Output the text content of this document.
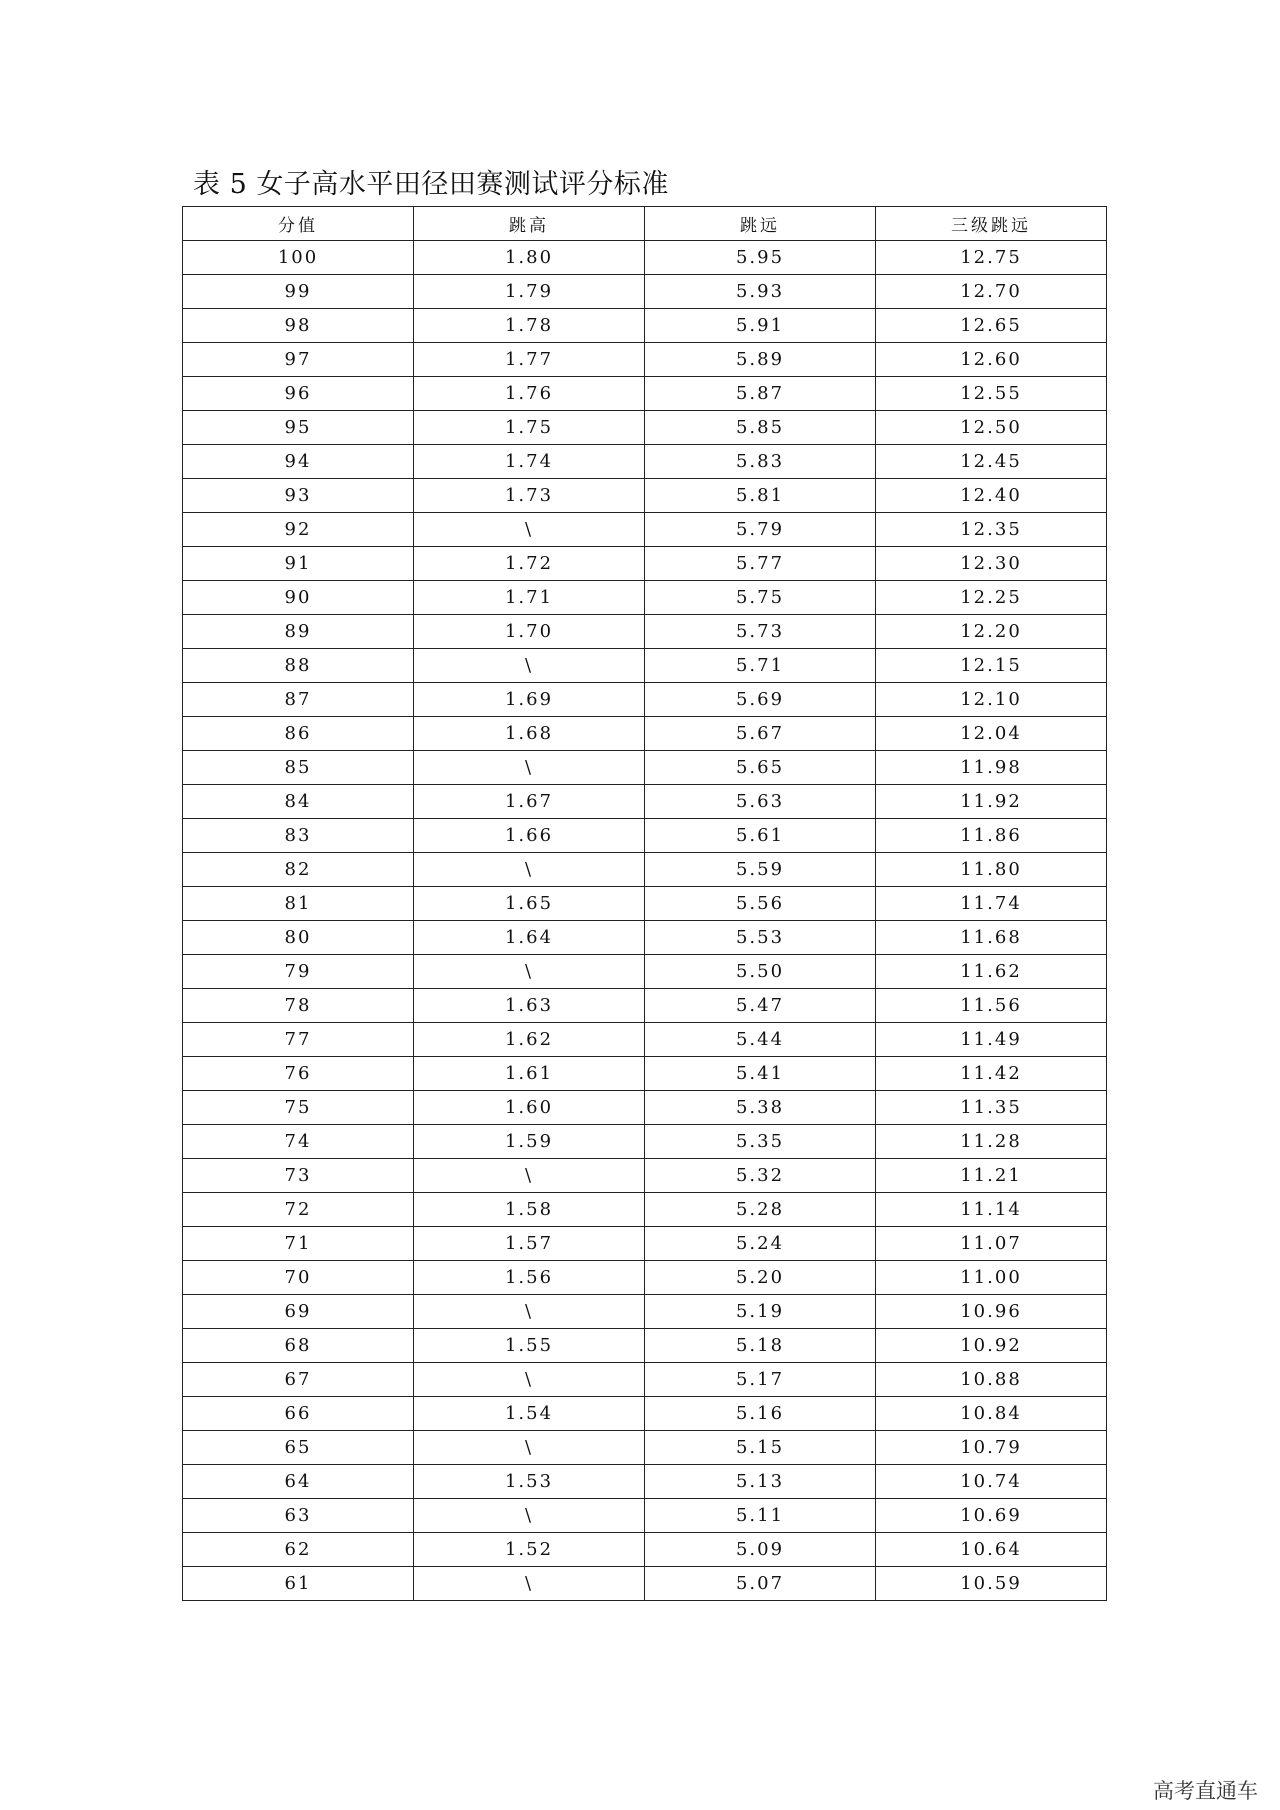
表 5 女子高水平田径田赛测试评分标准
分值	跳高	跳远	三级跳远
100	1.80	5.95	12.75
99	1.79	5.93	12.70
98	1.78	5.91	12.65
97	1.77	5.89	12.60
96	1.76	5.87	12.55
95	1.75	5.85	12.50
94	1.74	5.83	12.45
93	1.73	5.81	12.40
92	\	5.79	12.35
91	1.72	5.77	12.30
90	1.71	5.75	12.25
89	1.70	5.73	12.20
88	\	5.71	12.15
87	1.69	5.69	12.10
86	1.68	5.67	12.04
85	\	5.65	11.98
84	1.67	5.63	11.92
83	1.66	5.61	11.86
82	\	5.59	11.80
81	1.65	5.56	11.74
80	1.64	5.53	11.68
79	\	5.50	11.62
78	1.63	5.47	11.56
77	1.62	5.44	11.49
76	1.61	5.41	11.42
75	1.60	5.38	11.35
74	1.59	5.35	11.28
73	\	5.32	11.21
72	1.58	5.28	11.14
71	1.57	5.24	11.07
70	1.56	5.20	11.00
69	\	5.19	10.96
68	1.55	5.18	10.92
67	\	5.17	10.88
66	1.54	5.16	10.84
65	\	5.15	10.79
64	1.53	5.13	10.74
63	\	5.11	10.69
62	1.52	5.09	10.64
61	\	5.07	10.59
高考直通车
